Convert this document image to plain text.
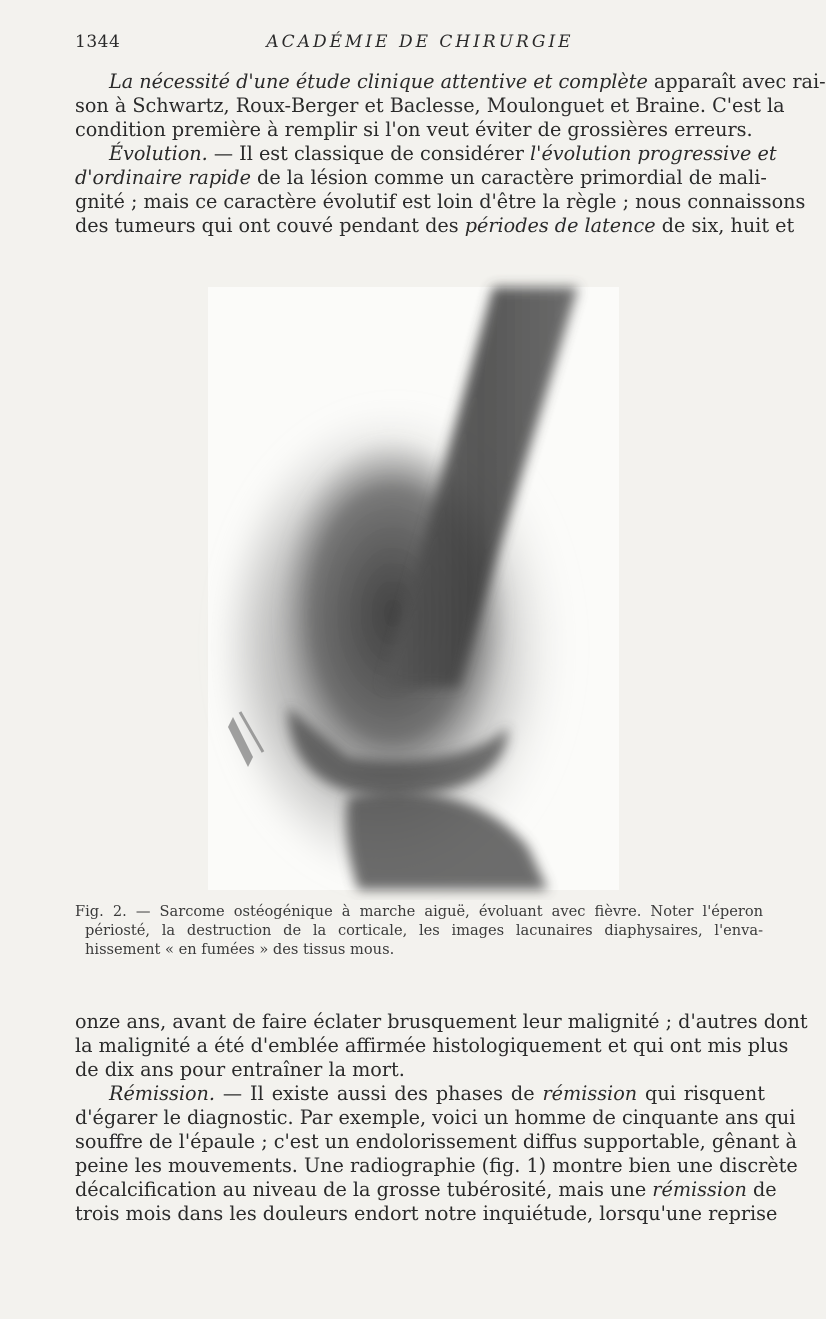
1344	ACADÉMIE DE CHIRURGIE
La nécessité d'une étude clinique attentive et complète apparaît avec rai-
son à Schwartz, Roux-Berger et Baclesse, Moulonguet et Braine. C'est la
condition première à remplir si l'on veut éviter de grossières erreurs.
Évolution. — Il est classique de considérer l'évolution progressive et
d'ordinaire rapide de la lésion comme un caractère primordial de mali-
gnité ; mais ce caractère évolutif est loin d'être la règle ; nous connaissons
des tumeurs qui ont couvé pendant des périodes de latence de six, huit et
Fig. 2. — Sarcome ostéogénique à marche aiguë, évoluant avec fièvre. Noter l'éperon
périosté, la destruction de la corticale, les images lacunaires diaphysaires, l'enva-
hissement « en fumées » des tissus mous.
onze ans, avant de faire éclater brusquement leur malignité ; d'autres dont
la malignité a été d'emblée affirmée histologiquement et qui ont mis plus
de dix ans pour entraîner la mort.
Rémission. — Il existe aussi des phases de rémission qui risquent
d'égarer le diagnostic. Par exemple, voici un homme de cinquante ans qui
souffre de l'épaule ; c'est un endolorissement diffus supportable, gênant à
peine les mouvements. Une radiographie (fig. 1) montre bien une discrète
décalcification au niveau de la grosse tubérosité, mais une rémission de
trois mois dans les douleurs endort notre inquiétude, lorsqu'une reprise
